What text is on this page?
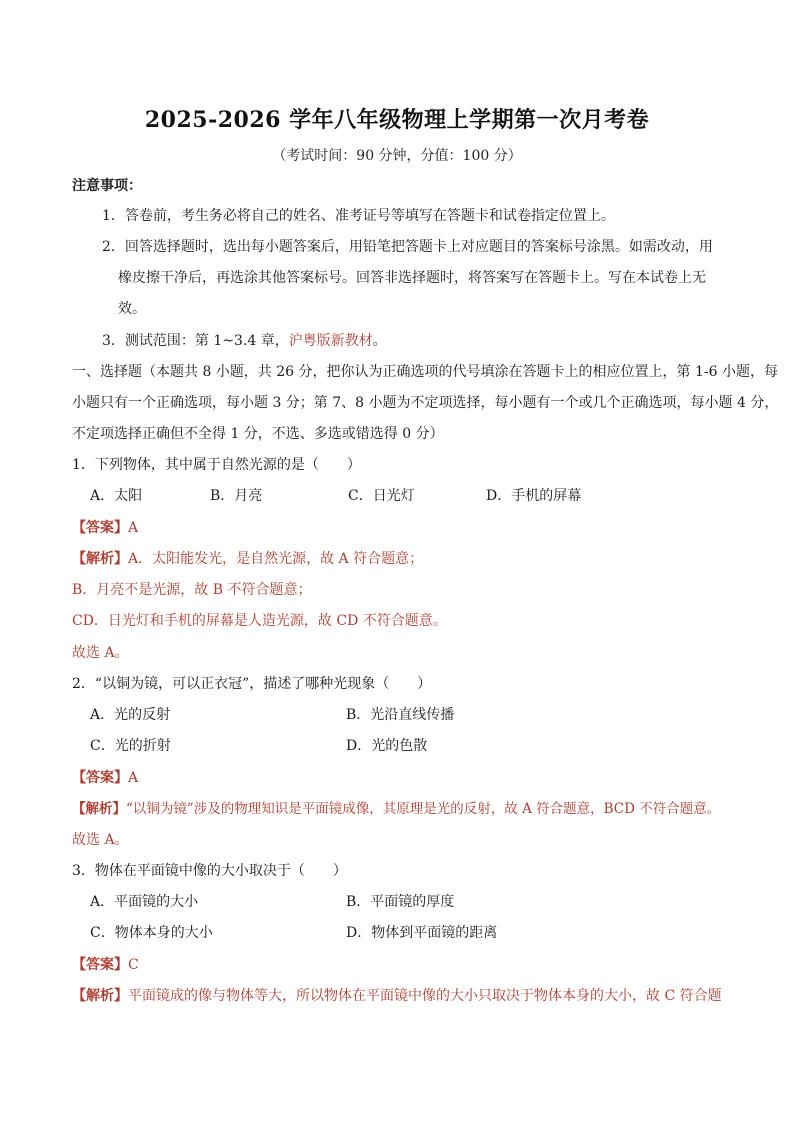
2025-2026 学年八年级物理上学期第一次月考卷
（考试时间：90 分钟，分值：100 分）
注意事项：
1．答卷前，考生务必将自己的姓名、准考证号等填写在答题卡和试卷指定位置上。
2．回答选择题时，选出每小题答案后，用铅笔把答题卡上对应题目的答案标号涂黑。如需改动，用
橡皮擦干净后，再选涂其他答案标号。回答非选择题时，将答案写在答题卡上。写在本试卷上无
效。
3．测试范围：第 1~3.4 章，沪粤版新教材。
一、选择题（本题共 8 小题，共 26 分，把你认为正确选项的代号填涂在答题卡上的相应位置上，第 1-6 小题，每
小题只有一个正确选项，每小题 3 分；第 7、8 小题为不定项选择，每小题有一个或几个正确选项，每小题 4 分，
不定项选择正确但不全得 1 分，不选、多选或错选得 0 分）
1．下列物体，其中属于自然光源的是（　　）
A．太阳	B．月亮	C．日光灯	D．手机的屏幕
【答案】A
【解析】A．太阳能发光，是自然光源，故 A 符合题意；
B．月亮不是光源，故 B 不符合题意；
CD．日光灯和手机的屏幕是人造光源，故 CD 不符合题意。
故选 A。
2．“以铜为镜，可以正衣冠”，描述了哪种光现象（　　）
A．光的反射	B．光沿直线传播
C．光的折射	D．光的色散
【答案】A
【解析】“以铜为镜”涉及的物理知识是平面镜成像，其原理是光的反射，故 A 符合题意，BCD 不符合题意。
故选 A。
3．物体在平面镜中像的大小取决于（　　）
A．平面镜的大小	B．平面镜的厚度
C．物体本身的大小	D．物体到平面镜的距离
【答案】C
【解析】平面镜成的像与物体等大，所以物体在平面镜中像的大小只取决于物体本身的大小，故 C 符合题
